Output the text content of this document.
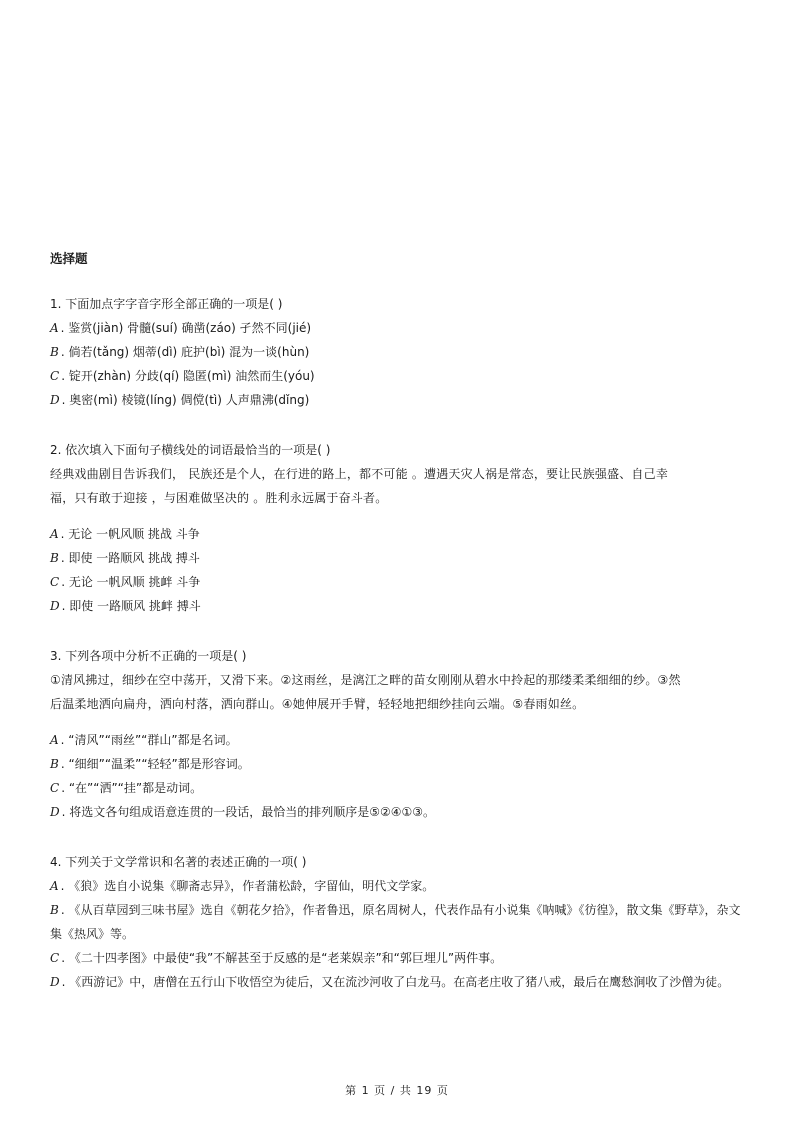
选择题

1. 下面加点字字音字形全部正确的一项是( )

A . 鉴赏(jiàn) 骨髓(suí) 确凿(záo) 孑然不同(jié)

B . 倘若(tǎng) 烟蒂(dì) 庇护(bì) 混为一谈(hùn)

C . 锭开(zhàn) 分歧(qí) 隐匿(mì) 油然而生(yóu)

D . 奥密(mì) 棱镜(líng) 倜傥(tì) 人声鼎沸(dǐng)

2. 依次填入下面句子横线处的词语最恰当的一项是( )

经典戏曲剧目告诉我们， 民族还是个人，在行进的路上，都不可能 。遭遇天灾人祸是常态，要让民族强盛、自己幸

福，只有敢于迎接 ，与困难做坚决的 。胜利永远属于奋斗者。

A . 无论 一帆风顺 挑战 斗争

B . 即使 一路顺风 挑战 搏斗

C . 无论 一帆风顺 挑衅 斗争

D . 即使 一路顺风 挑衅 搏斗

3. 下列各项中分析不正确的一项是( )

①清风拂过，细纱在空中荡开，又滑下来。②这雨丝，是漓江之畔的苗女刚刚从碧水中拎起的那缕柔柔细细的纱。③然

后温柔地洒向扁舟，洒向村落，洒向群山。④她伸展开手臂，轻轻地把细纱挂向云端。⑤春雨如丝。

A . “清风”“雨丝”“群山”都是名词。

B . “细细”“温柔”“轻轻”都是形容词。

C . “在”“洒”“挂”都是动词。

D . 将选文各句组成语意连贯的一段话，最恰当的排列顺序是⑤②④①③。

4. 下列关于文学常识和名著的表述正确的一项( )

A . 《狼》选自小说集《聊斋志异》，作者蒲松龄，字留仙，明代文学家。

B . 《从百草园到三味书屋》选自《朝花夕拾》，作者鲁迅，原名周树人，代表作品有小说集《呐喊》《彷徨》，散文集《野草》，杂文集《热风》等。

C . 《二十四孝图》中最使“我”不解甚至于反感的是“老莱娱亲”和“郭巨埋儿”两件事。

D . 《西游记》中，唐僧在五行山下收悟空为徒后，又在流沙河收了白龙马。在高老庄收了猪八戒，最后在鹰愁涧收了沙僧为徒。

第 1 页 / 共 19 页
